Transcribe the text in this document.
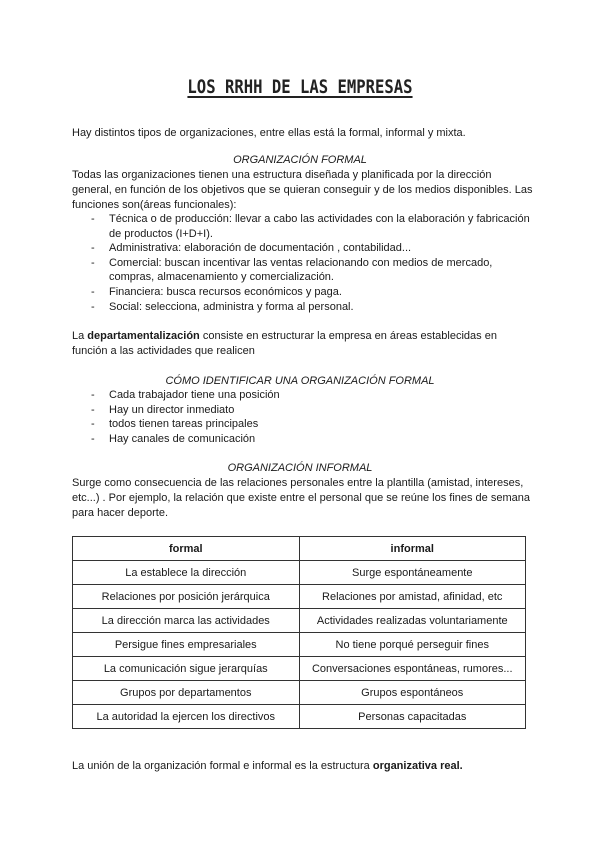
LOS RRHH DE LAS EMPRESAS

Hay distintos tipos de organizaciones, entre ellas está la formal, informal y mixta.

ORGANIZACIÓN FORMAL

Todas las organizaciones tienen una estructura diseñada y planificada por la dirección general, en función de los objetivos que se quieran conseguir y de los medios disponibles. Las funciones son(áreas funcionales):

- Técnica o de producción: llevar a cabo las actividades con la elaboración y fabricación de productos (I+D+I).
- Administrativa: elaboración de documentación , contabilidad...
- Comercial: buscan incentivar las ventas relacionando con medios de mercado, compras, almacenamiento y comercialización.
- Financiera: busca recursos económicos y paga.
- Social: selecciona, administra y forma al personal.

La departamentalización consiste en estructurar la empresa en áreas establecidas en función a las actividades que realicen

CÓMO IDENTIFICAR UNA ORGANIZACIÓN FORMAL
- Cada trabajador tiene una posición
- Hay un director inmediato
- todos tienen tareas principales
- Hay canales de comunicación
ORGANIZACIÓN INFORMAL

Surge como consecuencia de las relaciones personales entre la plantilla (amistad, intereses, etc...) . Por ejemplo, la relación que existe entre el personal que se reúne los fines de semana para hacer deporte.

formal	informal
La establece la dirección	Surge espontáneamente
Relaciones por posición jerárquica	Relaciones por amistad, afinidad, etc
La dirección marca las actividades	Actividades realizadas voluntariamente
Persigue fines empresariales	No tiene porqué perseguir fines
La comunicación sigue jerarquías	Conversaciones espontáneas, rumores...
Grupos por departamentos	Grupos espontáneos
La autoridad la ejercen los directivos	Personas capacitadas

La unión de la organización formal e informal es la estructura organizativa real.
